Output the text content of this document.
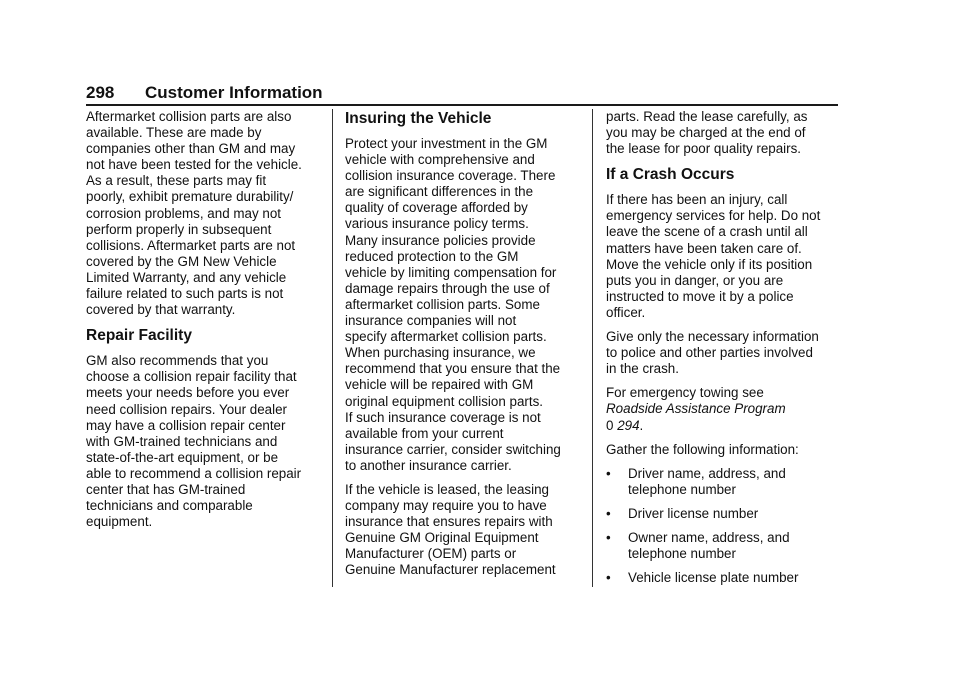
298 Customer Information

Aftermarket collision parts are also
available. These are made by
companies other than GM and may
not have been tested for the vehicle.
As a result, these parts may fit
poorly, exhibit premature durability/
corrosion problems, and may not
perform properly in subsequent
collisions. Aftermarket parts are not
covered by the GM New Vehicle
Limited Warranty, and any vehicle
failure related to such parts is not
covered by that warranty.

Repair Facility

GM also recommends that you
choose a collision repair facility that
meets your needs before you ever
need collision repairs. Your dealer
may have a collision repair center
with GM-trained technicians and
state-of-the-art equipment, or be
able to recommend a collision repair
center that has GM-trained
technicians and comparable
equipment.

Insuring the Vehicle

Protect your investment in the GM
vehicle with comprehensive and
collision insurance coverage. There
are significant differences in the
quality of coverage afforded by
various insurance policy terms.
Many insurance policies provide
reduced protection to the GM
vehicle by limiting compensation for
damage repairs through the use of
aftermarket collision parts. Some
insurance companies will not
specify aftermarket collision parts.
When purchasing insurance, we
recommend that you ensure that the
vehicle will be repaired with GM
original equipment collision parts.
If such insurance coverage is not
available from your current
insurance carrier, consider switching
to another insurance carrier.

If the vehicle is leased, the leasing
company may require you to have
insurance that ensures repairs with
Genuine GM Original Equipment
Manufacturer (OEM) parts or
Genuine Manufacturer replacement

parts. Read the lease carefully, as
you may be charged at the end of
the lease for poor quality repairs.

If a Crash Occurs

If there has been an injury, call
emergency services for help. Do not
leave the scene of a crash until all
matters have been taken care of.
Move the vehicle only if its position
puts you in danger, or you are
instructed to move it by a police
officer.

Give only the necessary information
to police and other parties involved
in the crash.

For emergency towing see
Roadside Assistance Program
0 294.

Gather the following information:

• Driver name, address, and
telephone number
• Driver license number
• Owner name, address, and
telephone number
• Vehicle license plate number
